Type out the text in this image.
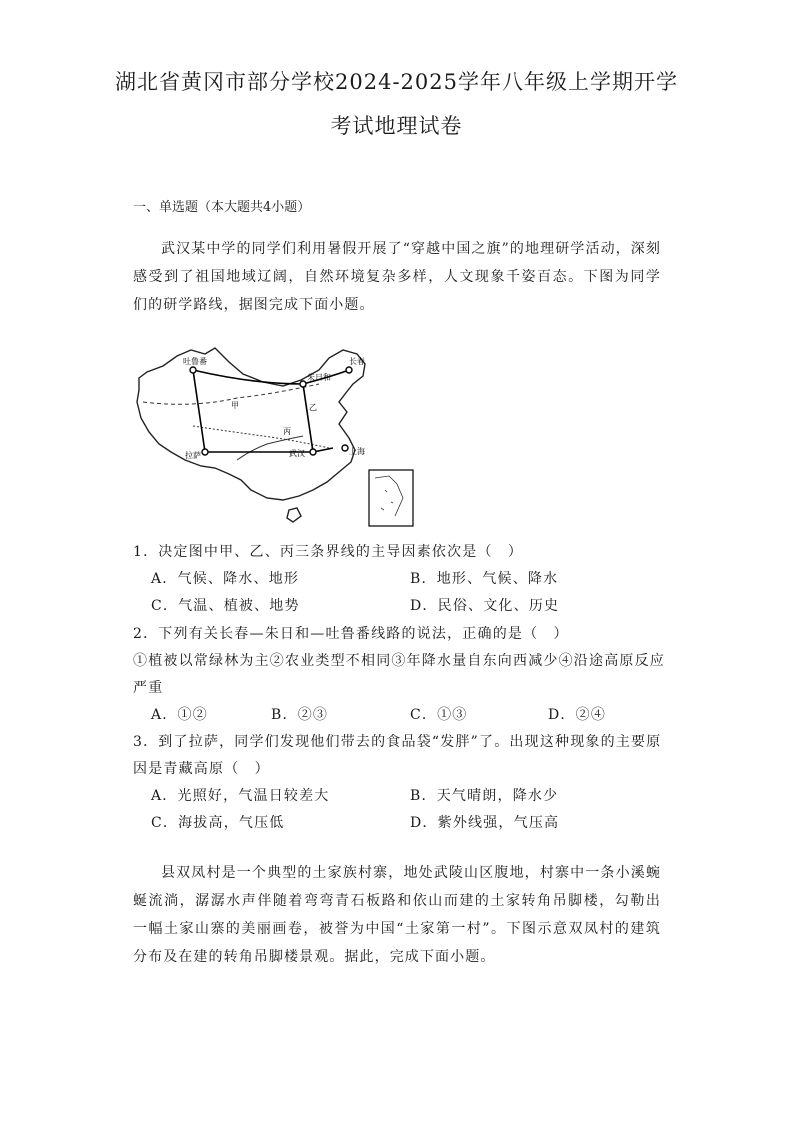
湖北省黄冈市部分学校2024-2025学年八年级上学期开学
考试地理试卷
一、单选题（本大题共4小题）
武汉某中学的同学们利用暑假开展了“穿越中国之旗”的地理研学活动，深刻感受到了祖国地域辽阔，自然环境复杂多样，人文现象千姿百态。下图为同学们的研学路线，据图完成下面小题。
吐鲁番	长春
朱日和
甲	乙
丙
拉萨	武汉	上海
1．决定图中甲、乙、丙三条界线的主导因素依次是（　）
A．气候、降水、地形	B．地形、气候、降水
C．气温、植被、地势	D．民俗、文化、历史
2．下列有关长春—朱日和—吐鲁番线路的说法，正确的是（　）
①植被以常绿林为主②农业类型不相同③年降水量自东向西减少④沿途高原反应
严重
A．①②	B．②③	C．①③	D．②④
3．到了拉萨，同学们发现他们带去的食品袋“发胖”了。出现这种现象的主要原
因是青藏高原（　）
A．光照好，气温日较差大	B．天气晴朗，降水少
C．海拔高，气压低	D．紫外线强，气压高
县双凤村是一个典型的土家族村寨，地处武陵山区腹地，村寨中一条小溪蜿蜒流淌，潺潺水声伴随着弯弯青石板路和依山而建的土家转角吊脚楼，勾勒出一幅土家山寨的美丽画卷，被誉为中国“土家第一村”。下图示意双凤村的建筑分布及在建的转角吊脚楼景观。据此，完成下面小题。
